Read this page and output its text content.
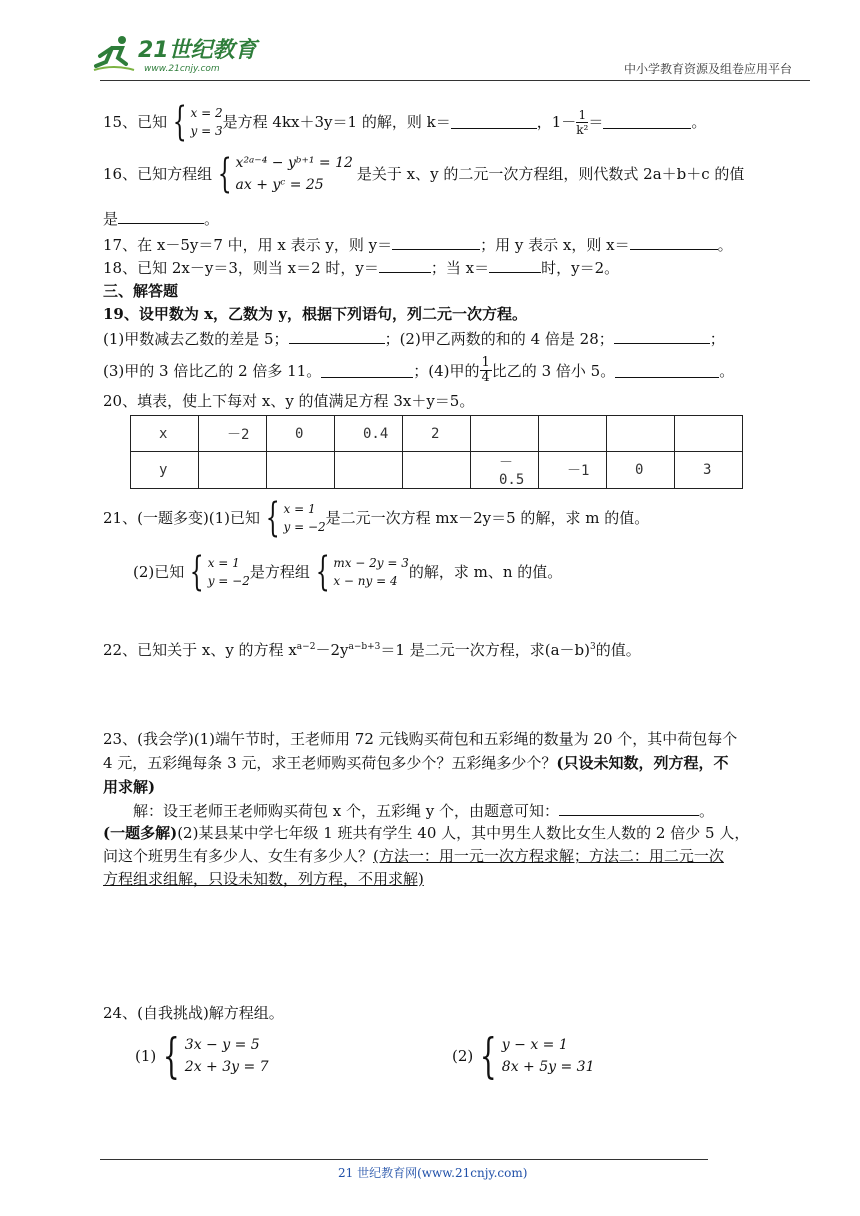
21世纪教育
www.21cnjy.com	中小学教育资源及组卷应用平台
15、已知 { x = 2
y = 3 是方程 4kx＋3y＝1 的解，则 k＝	，$1- \frac{1}{\text{k²}}$ ＝	。
16、已知方程组 { x²ᵃ⁻⁴ − yᵇ⁺¹ = 12
ax + yᶜ = 25
是关于 x、y 的二元一次方程组，则代数式 2a＋b＋c 的值
是	。
17、在 x－5y＝7 中，用 x 表示 y，则 y＝	；用 y 表示 x，则 x＝	。
18、已知 2x－y＝3，则当 x＝2 时，y＝	；当 x＝	时，y＝2。
三、解答题
19、设甲数为 x，乙数为 y，根据下列语句，列二元一次方程。
(1)甲数减去乙数的差是 5；	；(2)甲乙两数的和的 4 倍是 28；	；
(3)甲的 3 倍比乙的 2 倍多 11。	；(4)甲的 $\frac{1}{4}$ 比乙的 3 倍小 5。	。
20、填表，使上下每对 x、y 的值满足方程 3x＋y＝5。
x	－2	0	0.4	2				
y					－0.5	－1	0	3
21、(一题多变)(1)已知 { x = 1
y = −2 是二元一次方程 mx－2y＝5 的解，求 m 的值。
(2)已知 { x = 1
y = −2 是方程组 { mx − 2y = 3
x − ny = 4 的解，求 m、n 的值。
22、已知关于 x、y 的方程 $x^{a-2}-2y^{a-b+3}=1$ 是二元一次方程，求$(a-b)^3$的值。
23、(我会学)(1)端午节时，王老师用 72 元钱购买荷包和五彩绳的数量为 20 个，其中荷包每个
4 元，五彩绳每条 3 元，求王老师购买荷包多少个？五彩绳多少个？(只设未知数，列方程，不
用求解)
解：设王老师王老师购买荷包 x 个，五彩绳 y 个，由题意可知：	。
(一题多解)(2)某县某中学七年级 1 班共有学生 40 人，其中男生人数比女生人数的 2 倍少 5 人，
问这个班男生有多少人、女生有多少人？(方法一：用一元一次方程求解；方法二：用二元一次
方程组求组解，只设未知数，列方程，不用求解)
24、(自我挑战)解方程组。
(1) { 3x − y = 5
2x + 3y = 7
(2) { y − x = 1
8x + 5y = 31
21 世纪教育网(www.21cnjy.com)
